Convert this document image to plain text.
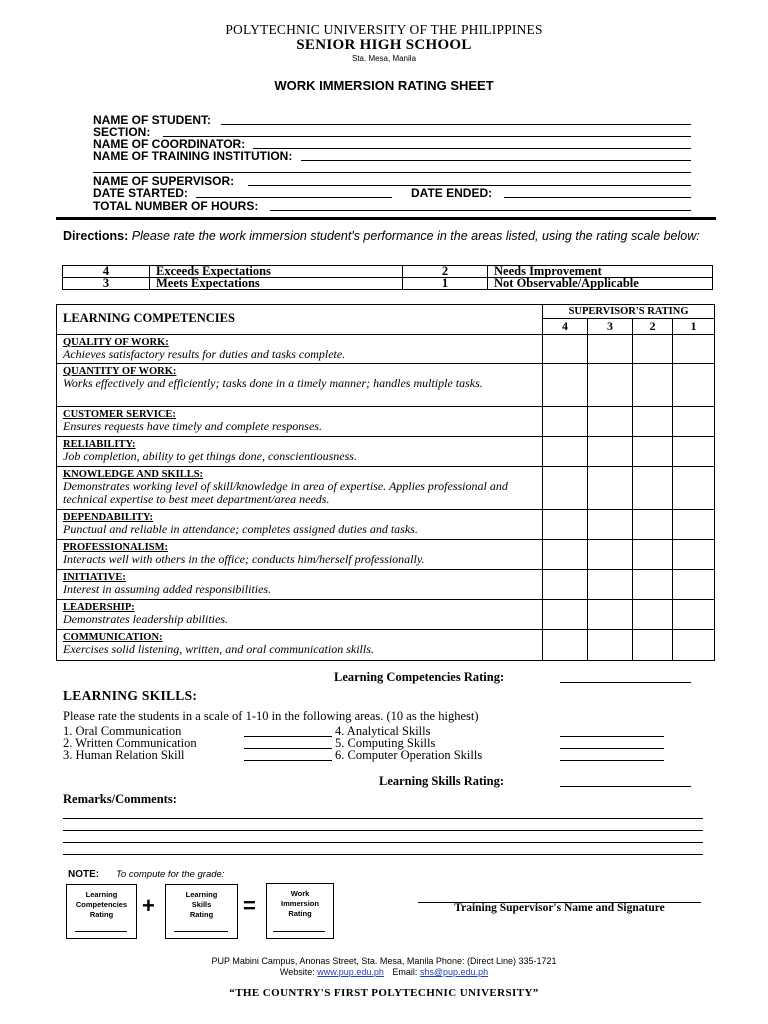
POLYTECHNIC UNIVERSITY OF THE PHILIPPINES
SENIOR HIGH SCHOOL
Sta. Mesa, Manila
WORK IMMERSION RATING SHEET
NAME OF STUDENT:
SECTION:
NAME OF COORDINATOR:
NAME OF TRAINING INSTITUTION:
NAME OF SUPERVISOR:
DATE STARTED:	DATE ENDED:
TOTAL NUMBER OF HOURS:
Directions: Please rate the work immersion student's performance in the areas listed, using the rating scale below:
4	Exceeds Expectations	2	Needs Improvement
3	Meets Expectations	1	Not Observable/Applicable
LEARNING COMPETENCIES	SUPERVISOR'S RATING			
	4	3	2	1

QUALITY OF WORK:
Achieves satisfactory results for duties and tasks complete.				

QUANTITY OF WORK:
Works effectively and efficiently; tasks done in a timely manner; handles multiple tasks.				

CUSTOMER SERVICE:
Ensures requests have timely and complete responses.				

RELIABILITY:
Job completion, ability to get things done, conscientiousness.				

KNOWLEDGE AND SKILLS:
Demonstrates working level of skill/knowledge in area of expertise. Applies professional and technical expertise to best meet department/area needs.				

DEPENDABILITY:
Punctual and reliable in attendance; completes assigned duties and tasks.				

PROFESSIONALISM:
Interacts well with others in the office; conducts him/herself professionally.				

INITIATIVE:
Interest in assuming added responsibilities.				

LEADERSHIP:
Demonstrates leadership abilities.				

COMMUNICATION:
Exercises solid listening, written, and oral communication skills.				

Learning Competencies Rating:
LEARNING SKILLS:
Please rate the students in a scale of 1-10 in the following areas. (10 as the highest)
1. Oral Communication	4. Analytical Skills
2. Written Communication	5. Computing Skills
3. Human Relation Skill	6. Computer Operation Skills
Learning Skills Rating:
Remarks/Comments:
NOTE: To compute for the grade:
Learning
Competencies
Rating	+	Learning
Skills
Rating	=	Work
Immersion
Rating	Training Supervisor's Name and Signature
PUP Mabini Campus, Anonas Street, Sta. Mesa, Manila Phone: (Direct Line) 335-1721
Website: www.pup.edu.ph Email: shs@pup.edu.ph
“THE COUNTRY'S FIRST POLYTECHNIC UNIVERSITY”
